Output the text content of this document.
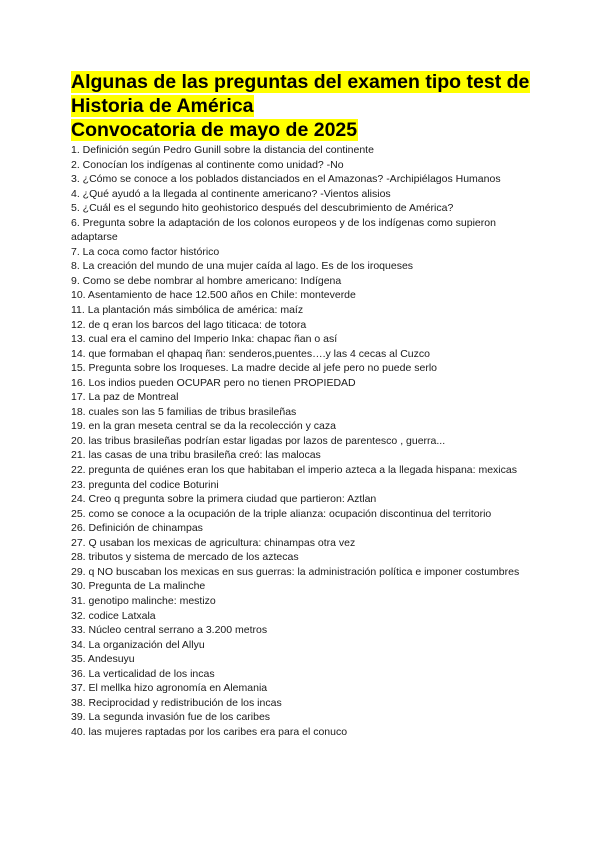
Algunas de las preguntas del examen tipo test de
Historia de América
Convocatoria de mayo de 2025
1. Definición según Pedro Gunill sobre la distancia del continente
2. Conocían los indígenas al continente como unidad? -No
3. ¿Cómo se conoce a los poblados distanciados en el Amazonas? -Archipiélagos Humanos
4. ¿Qué ayudó a la llegada al continente americano? -Vientos alisios
5. ¿Cuál es el segundo hito geohistorico después del descubrimiento de América?
6. Pregunta sobre la adaptación de los colonos europeos y de los indígenas como supieron adaptarse
7. La coca como factor histórico
8. La creación del mundo de una mujer caída al lago. Es de los iroqueses
9. Como se debe nombrar al hombre americano: Indígena
10. Asentamiento de hace 12.500 años en Chile: monteverde
11. La plantación más simbólica de américa: maíz
12. de q eran los barcos del lago titicaca: de totora
13. cual era el camino del Imperio Inka: chapac ñan o así
14. que formaban el qhapaq ñan: senderos,puentes….y las 4 cecas al Cuzco
15. Pregunta sobre los Iroqueses. La madre decide al jefe pero no puede serlo
16. Los indios pueden OCUPAR pero no tienen PROPIEDAD
17. La paz de Montreal
18. cuales son las 5 familias de tribus brasileñas
19. en la gran meseta central se da la recolección y caza
20. las tribus brasileñas podrían estar ligadas por lazos de parentesco , guerra...
21. las casas de una tribu brasileña creó: las malocas
22. pregunta de quiénes eran los que habitaban el imperio azteca a la llegada hispana: mexicas
23. pregunta del codice Boturini
24. Creo q pregunta sobre la primera ciudad que partieron: Aztlan
25. como se conoce a la ocupación de la triple alianza: ocupación discontinua del territorio
26. Definición de chinampas
27. Q usaban los mexicas de agricultura: chinampas otra vez
28. tributos y sistema de mercado de los aztecas
29. q NO buscaban los mexicas en sus guerras: la administración política e imponer costumbres
30. Pregunta de La malinche
31. genotipo malinche: mestizo
32. codice Latxala
33. Núcleo central serrano a 3.200 metros
34. La organización del Allyu
35. Andesuyu
36. La verticalidad de los incas
37. El mellka hizo agronomía en Alemania
38. Reciprocidad y redistribución de los incas
39. La segunda invasión fue de los caribes
40. las mujeres raptadas por los caribes era para el conuco
